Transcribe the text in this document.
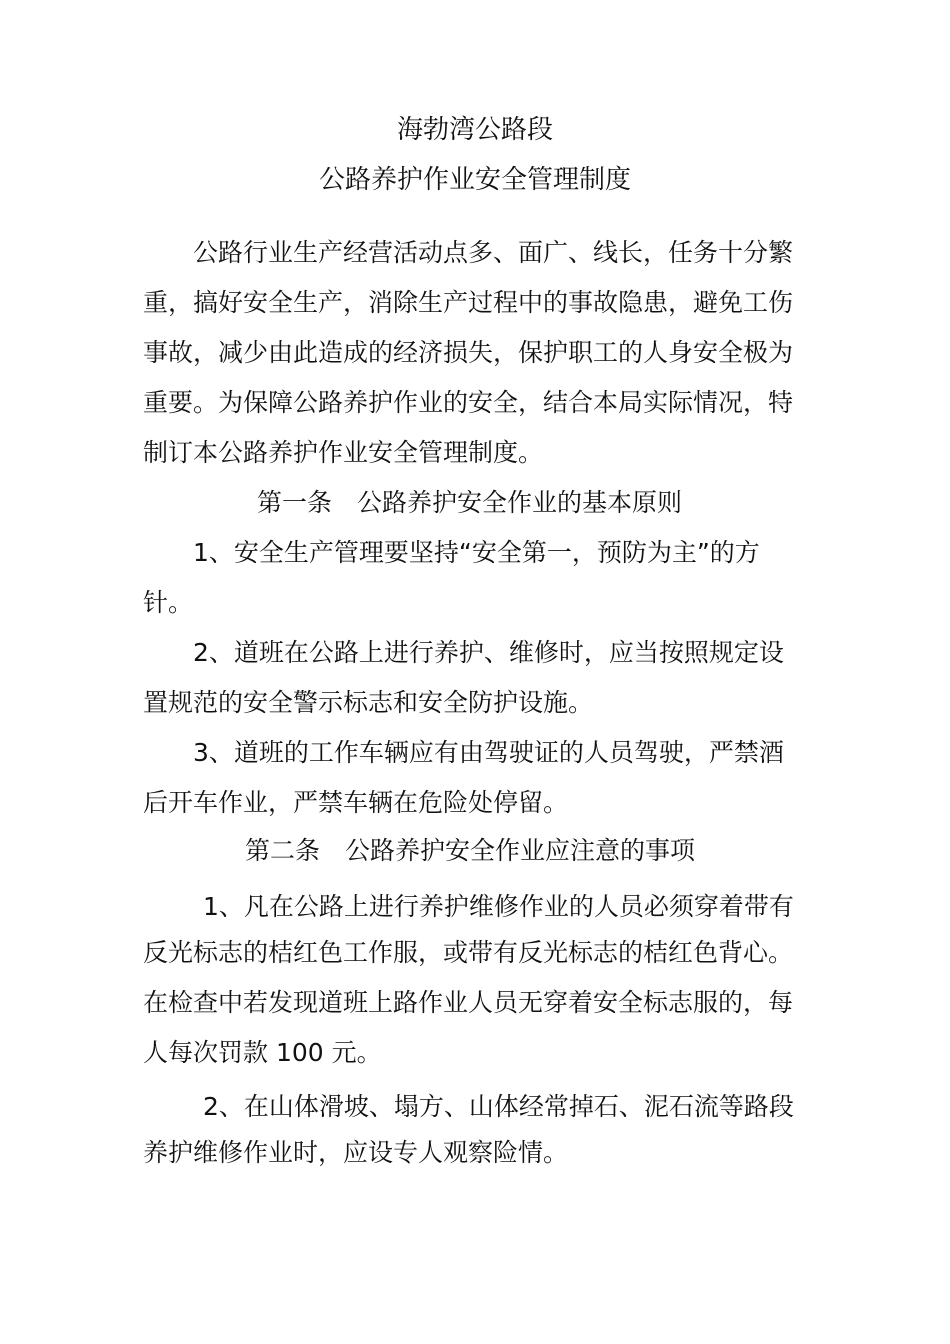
海勃湾公路段
公路养护作业安全管理制度
公路行业生产经营活动点多、面广、线长，任务十分繁
重，搞好安全生产，消除生产过程中的事故隐患，避免工伤
事故，减少由此造成的经济损失，保护职工的人身安全极为
重要。为保障公路养护作业的安全，结合本局实际情况，特
制订本公路养护作业安全管理制度。
第一条　公路养护安全作业的基本原则
1、安全生产管理要坚持“安全第一，预防为主”的方
针。
2、道班在公路上进行养护、维修时，应当按照规定设
置规范的安全警示标志和安全防护设施。
3、道班的工作车辆应有由驾驶证的人员驾驶，严禁酒
后开车作业，严禁车辆在危险处停留。
第二条　公路养护安全作业应注意的事项
1、凡在公路上进行养护维修作业的人员必须穿着带有
反光标志的桔红色工作服，或带有反光标志的桔红色背心。
在检查中若发现道班上路作业人员无穿着安全标志服的，每
人每次罚款 100 元。
2、在山体滑坡、塌方、山体经常掉石、泥石流等路段
养护维修作业时，应设专人观察险情。
